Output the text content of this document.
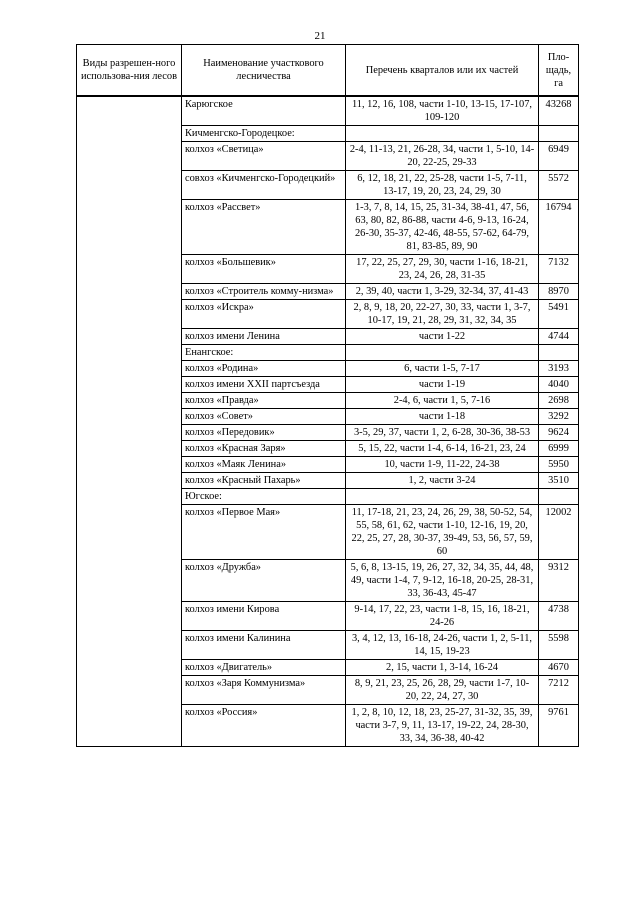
21
Виды разрешен-ного использова-ния лесов	Наименование участкового лесничества	Перечень кварталов или их частей	Пло-щадь, га
	Карюгское	11, 12, 16, 108, части 1-10, 13-15, 17-107, 109-120	43268
	Кичменгско-Городецкое:		
	колхоз «Светица»	2-4, 11-13, 21, 26-28, 34, части 1, 5-10, 14-20, 22-25, 29-33	6949
	совхоз «Кичменгско-Городецкий»	6, 12, 18, 21, 22, 25-28, части 1-5, 7-11, 13-17, 19, 20, 23, 24, 29, 30	5572
	колхоз «Рассвет»	1-3, 7, 8, 14, 15, 25, 31-34, 38-41, 47, 56, 63, 80, 82, 86-88, части 4-6, 9-13, 16-24, 26-30, 35-37, 42-46, 48-55, 57-62, 64-79, 81, 83-85, 89, 90	16794
	колхоз «Большевик»	17, 22, 25, 27, 29, 30, части 1-16, 18-21, 23, 24, 26, 28, 31-35	7132
	колхоз «Строитель комму-низма»	2, 39, 40, части 1, 3-29, 32-34, 37, 41-43	8970
	колхоз «Искра»	2, 8, 9, 18, 20, 22-27, 30, 33, части 1, 3-7, 10-17, 19, 21, 28, 29, 31, 32, 34, 35	5491
	колхоз имени Ленина	части 1-22	4744
	Енангское:		
	колхоз «Родина»	6, части 1-5, 7-17	3193
	колхоз имени XXII партсъезда	части 1-19	4040
	колхоз «Правда»	2-4, 6, части 1, 5, 7-16	2698
	колхоз «Совет»	части 1-18	3292
	колхоз «Передовик»	3-5, 29, 37, части 1, 2, 6-28, 30-36, 38-53	9624
	колхоз «Красная Заря»	5, 15, 22, части 1-4, 6-14, 16-21, 23, 24	6999
	колхоз «Маяк Ленина»	10, части 1-9, 11-22, 24-38	5950
	колхоз «Красный Пахарь»	1, 2, части 3-24	3510
	Югское:		
	колхоз «Первое Мая»	11, 17-18, 21, 23, 24, 26, 29, 38, 50-52, 54, 55, 58, 61, 62, части 1-10, 12-16, 19, 20, 22, 25, 27, 28, 30-37, 39-49, 53, 56, 57, 59, 60	12002
	колхоз «Дружба»	5, 6, 8, 13-15, 19, 26, 27, 32, 34, 35, 44, 48, 49, части 1-4, 7, 9-12, 16-18, 20-25, 28-31, 33, 36-43, 45-47	9312
	колхоз имени Кирова	9-14, 17, 22, 23, части 1-8, 15, 16, 18-21, 24-26	4738
	колхоз имени Калинина	3, 4, 12, 13, 16-18, 24-26, части 1, 2, 5-11, 14, 15, 19-23	5598
	колхоз «Двигатель»	2, 15, части 1, 3-14, 16-24	4670
	колхоз «Заря Коммунизма»	8, 9, 21, 23, 25, 26, 28, 29, части 1-7, 10-20, 22, 24, 27, 30	7212
	колхоз «Россия»	1, 2, 8, 10, 12, 18, 23, 25-27, 31-32, 35, 39, части 3-7, 9, 11, 13-17, 19-22, 24, 28-30, 33, 34, 36-38, 40-42	9761
